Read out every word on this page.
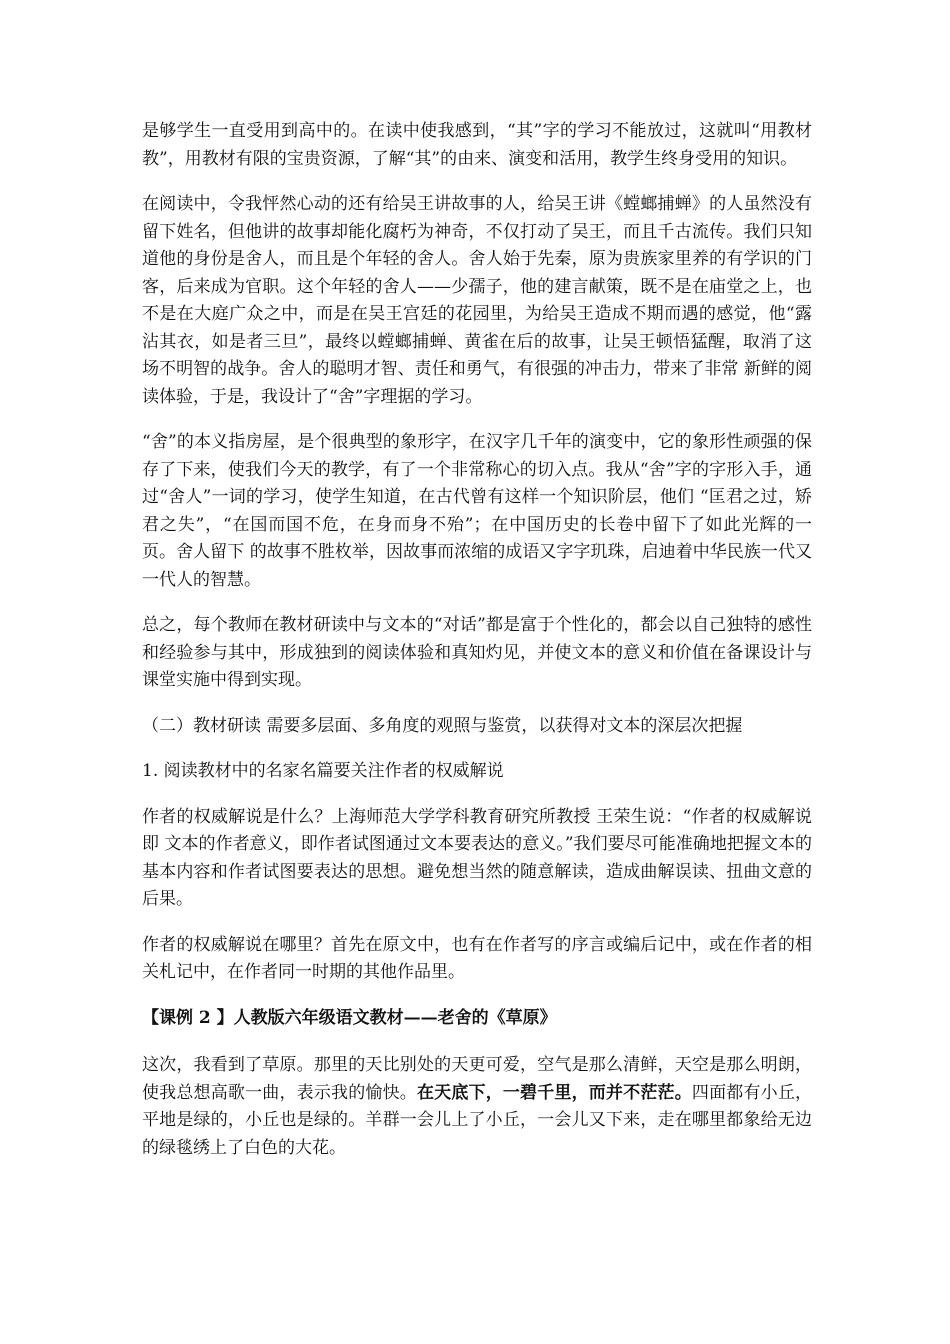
是够学生一直受用到高中的。在读中使我感到，“其”字的学习不能放过，这就叫“用教材教”，用教材有限的宝贵资源，了解“其”的由来、演变和活用，教学生终身受用的知识。

在阅读中，令我怦然心动的还有给吴王讲故事的人，给吴王讲《螳螂捕蝉》的人虽然没有留下姓名，但他讲的故事却能化腐朽为神奇，不仅打动了吴王，而且千古流传。我们只知道他的身份是舍人，而且是个年轻的舍人。舍人始于先秦，原为贵族家里养的有学识的门客，后来成为官职。这个年轻的舍人——少孺子，他的建言献策，既不是在庙堂之上，也不是在大庭广众之中，而是在吴王宫廷的花园里，为给吴王造成不期而遇的感觉，他“露沾其衣，如是者三旦”，最终以螳螂捕蝉、黄雀在后的故事，让吴王顿悟猛醒，取消了这场不明智的战争。舍人的聪明才智、责任和勇气，有很强的冲击力，带来了非常 新鲜的阅读体验，于是，我设计了“舍”字理据的学习。

“舍”的本义指房屋，是个很典型的象形字，在汉字几千年的演变中，它的象形性顽强的保存了下来，使我们今天的教学，有了一个非常称心的切入点。我从“舍”字的字形入手，通过“舍人”一词的学习，使学生知道，在古代曾有这样一个知识阶层，他们 “匡君之过，矫君之失”，“在国而国不危，在身而身不殆”；在中国历史的长卷中留下了如此光辉的一页。舍人留下 的故事不胜枚举，因故事而浓缩的成语又字字玑珠，启迪着中华民族一代又一代人的智慧。

总之，每个教师在教材研读中与文本的“对话”都是富于个性化的，都会以自己独特的感性和经验参与其中，形成独到的阅读体验和真知灼见，并使文本的意义和价值在备课设计与课堂实施中得到实现。

（二）教材研读 需要多层面、多角度的观照与鉴赏，以获得对文本的深层次把握

1. 阅读教材中的名家名篇要关注作者的权威解说

作者的权威解说是什么？上海师范大学学科教育研究所教授 王荣生说：“作者的权威解说 即 文本的作者意义，即作者试图通过文本要表达的意义。”我们要尽可能准确地把握文本的基本内容和作者试图要表达的思想。避免想当然的随意解读，造成曲解误读、扭曲文意的后果。

作者的权威解说在哪里？首先在原文中，也有在作者写的序言或编后记中，或在作者的相关札记中，在作者同一时期的其他作品里。

【课例 2 】人教版六年级语文教材——老舍的《草原》

这次，我看到了草原。那里的天比别处的天更可爱，空气是那么清鲜，天空是那么明朗，使我总想高歌一曲，表示我的愉快。在天底下，一碧千里，而并不茫茫。四面都有小丘，平地是绿的，小丘也是绿的。羊群一会儿上了小丘，一会儿又下来，走在哪里都象给无边的绿毯绣上了白色的大花。
